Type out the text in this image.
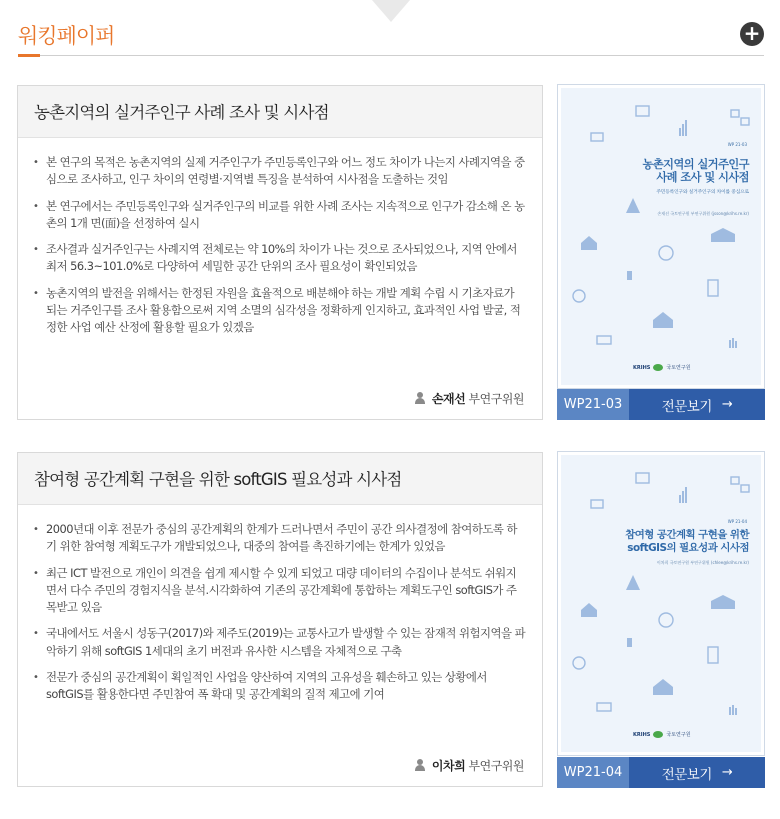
워킹페이퍼	+
농촌지역의 실거주인구 사례 조사 및 시사점
• 본 연구의 목적은 농촌지역의 실제 거주인구가 주민등록인구와 어느 정도 차이가 나는지 사례지역을 중심으로 조사하고, 인구 차이의 연령별·지역별 특징을 분석하여 시사점을 도출하는 것임
• 본 연구에서는 주민등록인구와 실거주인구의 비교를 위한 사례 조사는 지속적으로 인구가 감소해 온 농촌의 1개 면(面)을 선정하여 실시
• 조사결과 실거주인구는 사례지역 전체로는 약 10%의 차이가 나는 것으로 조사되었으나, 지역 안에서 최저 56.3~101.0%로 다양하여 세밀한 공간 단위의 조사 필요성이 확인되었음
• 농촌지역의 발전을 위해서는 한정된 자원을 효율적으로 배분해야 하는 개발 계획 수립 시 기초자료가 되는 거주인구를 조사 활용함으로써 지역 소멸의 심각성을 정확하게 인지하고, 효과적인 사업 발굴, 적정한 사업 예산 산정에 활용할 필요가 있겠음
손재선 부연구위원
WP 21-03
농촌지역의 실거주인구
사례 조사 및 시사점
주민등록인구와 실거주인구의 차이를 중심으로
손재선 국토연구원 부연구위원 (jsson@krihs.re.kr)
KRIHS	국토연구원
WP21-03	전문보기 →
참여형 공간계획 구현을 위한 softGIS 필요성과 시사점
• 2000년대 이후 전문가 중심의 공간계획의 한계가 드러나면서 주민이 공간 의사결정에 참여하도록 하기 위한 참여형 계획도구가 개발되었으나, 대중의 참여를 촉진하기에는 한계가 있었음
• 최근 ICT 발전으로 개인이 의견을 쉽게 제시할 수 있게 되었고 대량 데이터의 수집이나 분석도 쉬워지면서 다수 주민의 경험지식을 분석.시각화하여 기존의 공간계획에 통합하는 계획도구인 softGIS가 주목받고 있음
• 국내에서도 서울시 성동구(2017)와 제주도(2019)는 교통사고가 발생할 수 있는 잠재적 위험지역을 파악하기 위해 softGIS 1세대의 초기 버전과 유사한 시스템을 자체적으로 구축
• 전문가 중심의 공간계획이 획일적인 사업을 양산하여 지역의 고유성을 훼손하고 있는 상황에서 softGIS를 활용한다면 주민참여 폭 확대 및 공간계획의 질적 제고에 기여
이차희 부연구위원
WP 21-04
참여형 공간계획 구현을 위한
softGIS의 필요성과 시사점
이차희 국토연구원 부연구위원 (chlee@krihs.re.kr)
KRIHS	국토연구원
WP21-04	전문보기 →
